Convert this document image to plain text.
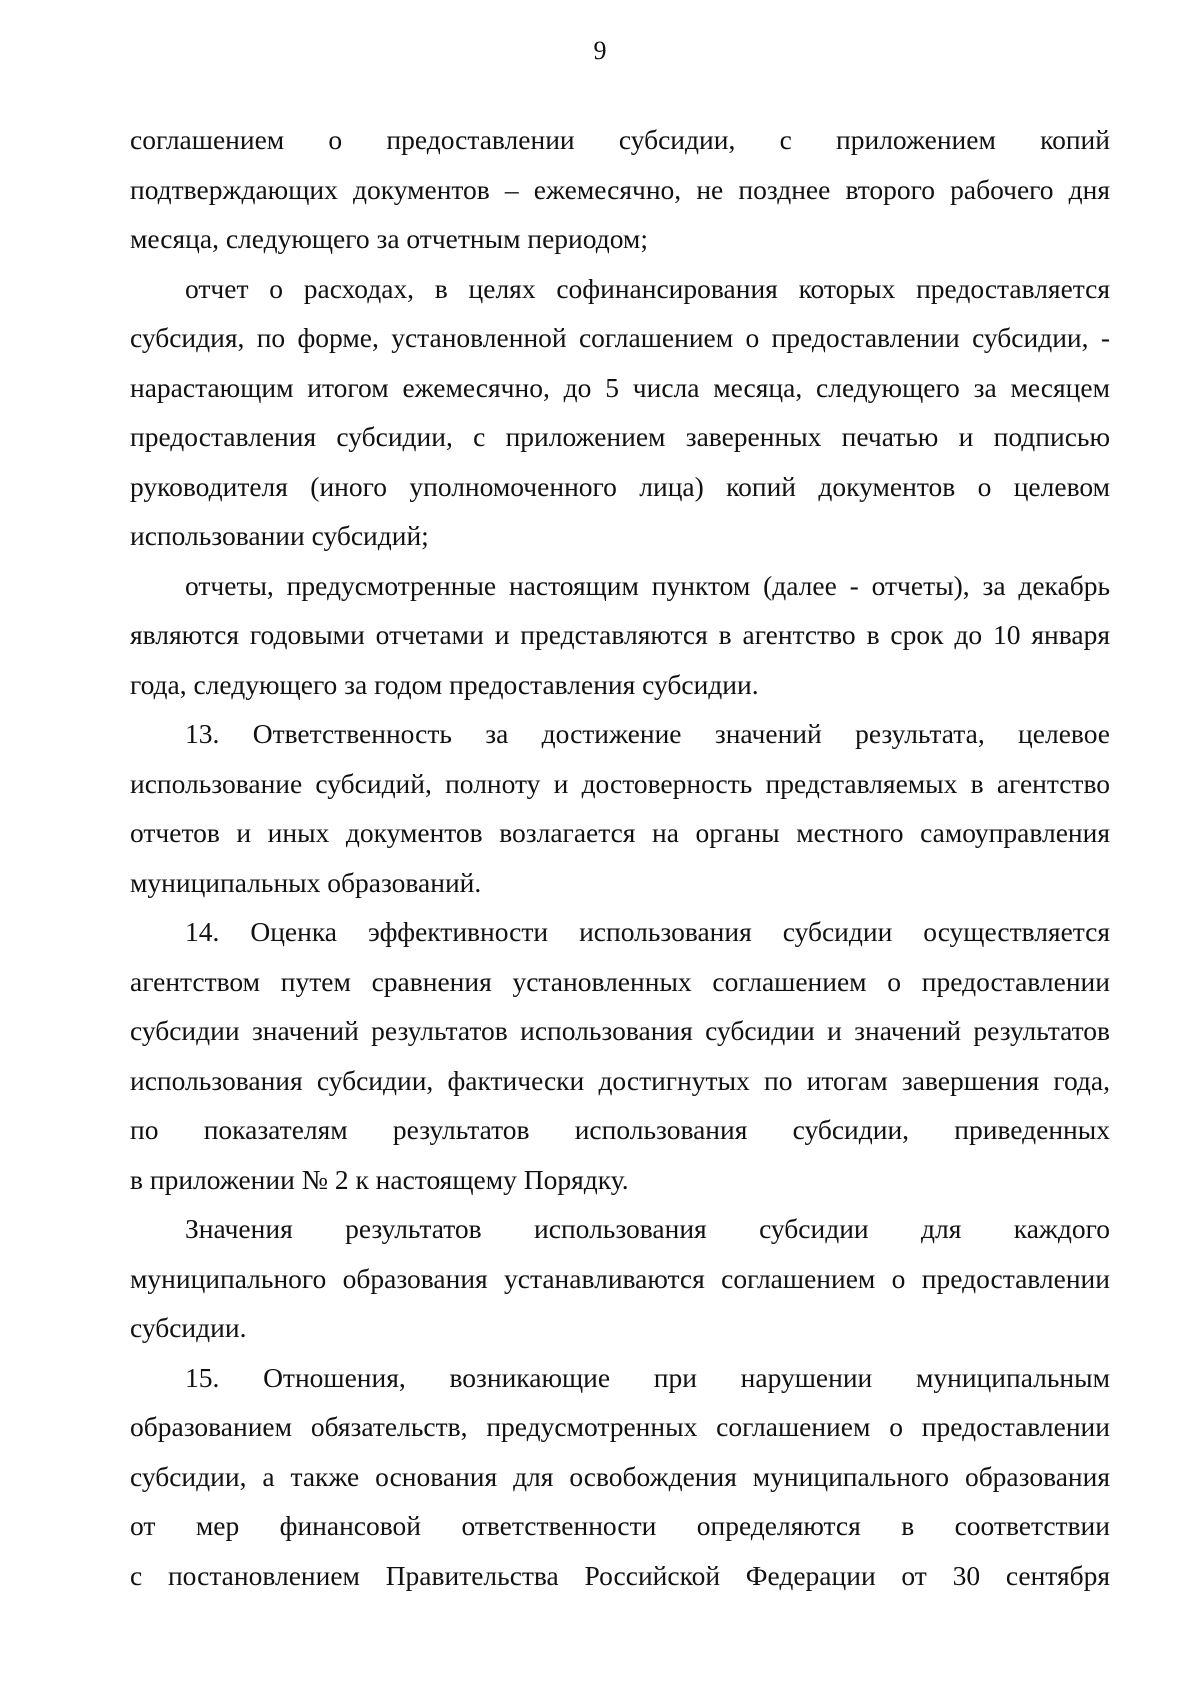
9
соглашением о предоставлении субсидии, с приложением копий
подтверждающих документов – ежемесячно, не позднее второго рабочего дня
месяца, следующего за отчетным периодом;
отчет о расходах, в целях софинансирования которых предоставляется
субсидия, по форме, установленной соглашением о предоставлении субсидии, -
нарастающим итогом ежемесячно, до 5 числа месяца, следующего за месяцем
предоставления субсидии, с приложением заверенных печатью и подписью
руководителя (иного уполномоченного лица) копий документов о целевом
использовании субсидий;
отчеты, предусмотренные настоящим пунктом (далее - отчеты), за декабрь
являются годовыми отчетами и представляются в агентство в срок до 10 января
года, следующего за годом предоставления субсидии.
13. Ответственность за достижение значений результата, целевое
использование субсидий, полноту и достоверность представляемых в агентство
отчетов и иных документов возлагается на органы местного самоуправления
муниципальных образований.
14. Оценка эффективности использования субсидии осуществляется
агентством путем сравнения установленных соглашением о предоставлении
субсидии значений результатов использования субсидии и значений результатов
использования субсидии, фактически достигнутых по итогам завершения года,
по показателям результатов использования субсидии, приведенных
в приложении № 2 к настоящему Порядку.
Значения результатов использования субсидии для каждого
муниципального образования устанавливаются соглашением о предоставлении
субсидии.
15. Отношения, возникающие при нарушении муниципальным
образованием обязательств, предусмотренных соглашением о предоставлении
субсидии, а также основания для освобождения муниципального образования
от мер финансовой ответственности определяются в соответствии
с постановлением Правительства Российской Федерации от 30 сентября
